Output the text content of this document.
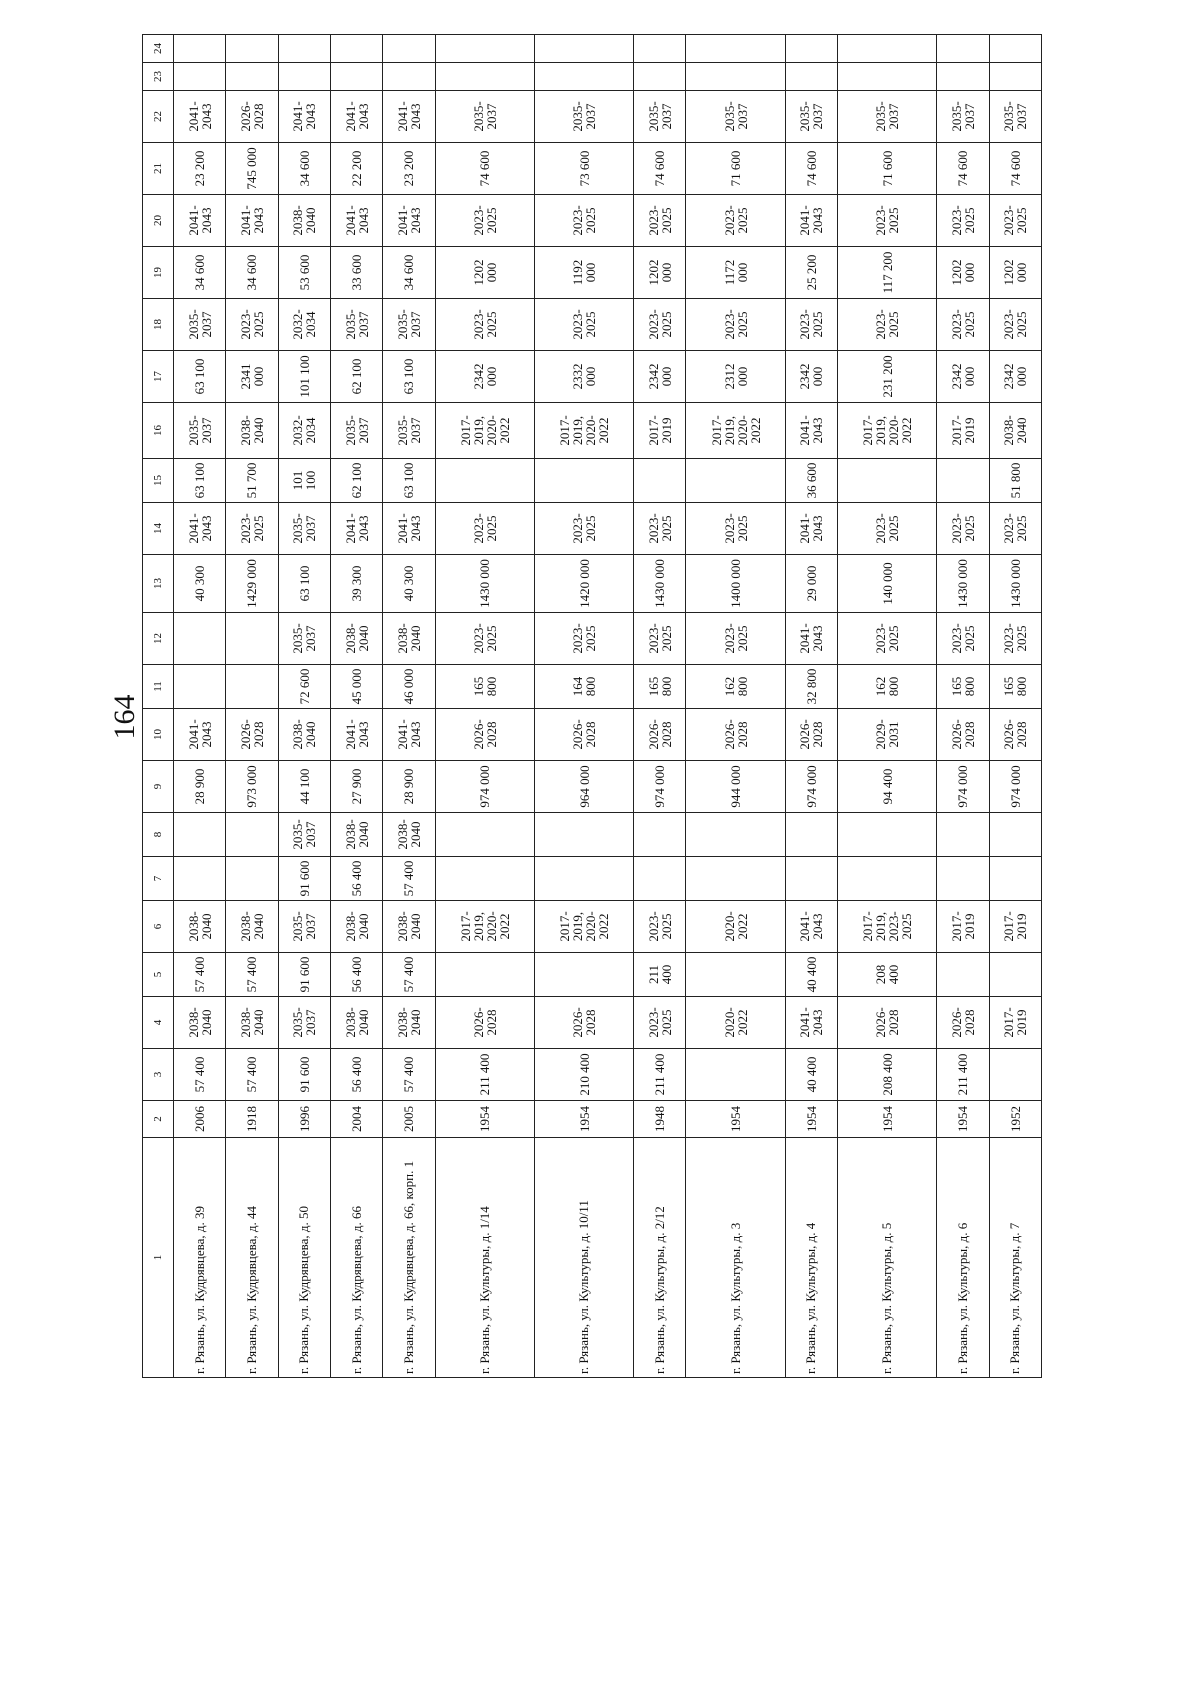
164
1	2	3	4	5	6	7	8	9	10	11	12	13	14	15	16	17	18	19	20	21	22	23	24
г. Рязань, ул. Кудрявцева, д. 39	2006	57 400	2038-
2040	57 400	2038-
2040			28 900	2041-
2043			40 300	2041-
2043	63 100	2035-
2037	63 100	2035-
2037	34 600	2041-
2043	23 200	2041-
2043		
г. Рязань, ул. Кудрявцева, д. 44	1918	57 400	2038-
2040	57 400	2038-
2040			973 000	2026-
2028			1429 000	2023-
2025	51 700	2038-
2040	2341
000	2023-
2025	34 600	2041-
2043	745 000	2026-
2028		
г. Рязань, ул. Кудрявцева, д. 50	1996	91 600	2035-
2037	91 600	2035-
2037	91 600	2035-
2037	44 100	2038-
2040	72 600	2035-
2037	63 100	2035-
2037	101 100	2032-
2034	101 100	2032-
2034	53 600	2038-
2040	34 600	2041-
2043		
г. Рязань, ул. Кудрявцева, д. 66	2004	56 400	2038-
2040	56 400	2038-
2040	56 400	2038-
2040	27 900	2041-
2043	45 000	2038-
2040	39 300	2041-
2043	62 100	2035-
2037	62 100	2035-
2037	33 600	2041-
2043	22 200	2041-
2043		
г. Рязань, ул. Кудрявцева, д. 66, корп. 1	2005	57 400	2038-
2040	57 400	2038-
2040	57 400	2038-
2040	28 900	2041-
2043	46 000	2038-
2040	40 300	2041-
2043	63 100	2035-
2037	63 100	2035-
2037	34 600	2041-
2043	23 200	2041-
2043		
г. Рязань, ул. Культуры, д. 1/14	1954	211 400	2026-
2028		2017-
2019,
2020-
2022			974 000	2026-
2028	165 800	2023-
2025	1430 000	2023-
2025		2017-
2019,
2020-
2022	2342
000	2023-
2025	1202
000	2023-
2025	74 600	2035-
2037		
г. Рязань, ул. Культуры, д. 10/11	1954	210 400	2026-
2028		2017-
2019,
2020-
2022			964 000	2026-
2028	164 800	2023-
2025	1420 000	2023-
2025		2017-
2019,
2020-
2022	2332
000	2023-
2025	1192
000	2023-
2025	73 600	2035-
2037		
г. Рязань, ул. Культуры, д. 2/12	1948	211 400	2023-
2025	211 400	2023-
2025			974 000	2026-
2028	165 800	2023-
2025	1430 000	2023-
2025		2017-
2019	2342
000	2023-
2025	1202
000	2023-
2025	74 600	2035-
2037		
г. Рязань, ул. Культуры, д. 3	1954		2020-
2022		2020-
2022			944 000	2026-
2028	162 800	2023-
2025	1400 000	2023-
2025		2017-
2019,
2020-
2022	2312
000	2023-
2025	1172
000	2023-
2025	71 600	2035-
2037		
г. Рязань, ул. Культуры, д. 4	1954	40 400	2041-
2043	40 400	2041-
2043			974 000	2026-
2028	32 800	2041-
2043	29 000	2041-
2043	36 600	2041-
2043	2342
000	2023-
2025	25 200	2041-
2043	74 600	2035-
2037		
г. Рязань, ул. Культуры, д. 5	1954	208 400	2026-
2028	208 400	2017-
2019,
2023-
2025			94 400	2029-
2031	162 800	2023-
2025	140 000	2023-
2025		2017-
2019,
2020-
2022	231 200	2023-
2025	117 200	2023-
2025	71 600	2035-
2037		
г. Рязань, ул. Культуры, д. 6	1954	211 400	2026-
2028		2017-
2019			974 000	2026-
2028	165 800	2023-
2025	1430 000	2023-
2025		2017-
2019	2342
000	2023-
2025	1202
000	2023-
2025	74 600	2035-
2037		
г. Рязань, ул. Культуры, д. 7	1952		2017-
2019		2017-
2019			974 000	2026-
2028	165 800	2023-
2025	1430 000	2023-
2025	51 800	2038-
2040	2342
000	2023-
2025	1202
000	2023-
2025	74 600	2035-
2037		
